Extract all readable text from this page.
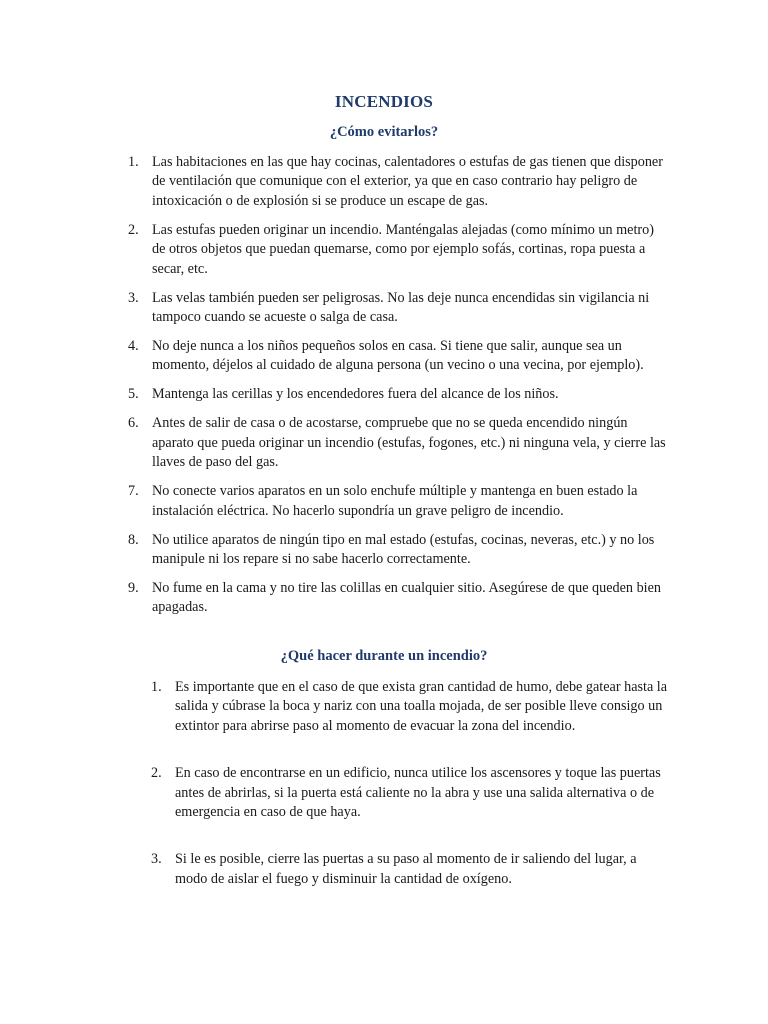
INCENDIOS
¿Cómo evitarlos?
1. Las habitaciones en las que hay cocinas, calentadores o estufas de gas tienen que disponer de ventilación que comunique con el exterior, ya que en caso contrario hay peligro de intoxicación o de explosión si se produce un escape de gas.
2. Las estufas pueden originar un incendio. Manténgalas alejadas (como mínimo un metro) de otros objetos que puedan quemarse, como por ejemplo sofás, cortinas, ropa puesta a secar, etc.
3. Las velas también pueden ser peligrosas. No las deje nunca encendidas sin vigilancia ni tampoco cuando se acueste o salga de casa.
4. No deje nunca a los niños pequeños solos en casa. Si tiene que salir, aunque sea un momento, déjelos al cuidado de alguna persona (un vecino o una vecina, por ejemplo).
5. Mantenga las cerillas y los encendedores fuera del alcance de los niños.
6. Antes de salir de casa o de acostarse, compruebe que no se queda encendido ningún aparato que pueda originar un incendio (estufas, fogones, etc.) ni ninguna vela, y cierre las llaves de paso del gas.
7. No conecte varios aparatos en un solo enchufe múltiple y mantenga en buen estado la instalación eléctrica. No hacerlo supondría un grave peligro de incendio.
8. No utilice aparatos de ningún tipo en mal estado (estufas, cocinas, neveras, etc.) y no los manipule ni los repare si no sabe hacerlo correctamente.
9. No fume en la cama y no tire las colillas en cualquier sitio. Asegúrese de que queden bien apagadas.
¿Qué hacer durante un incendio?
1. Es importante que en el caso de que exista gran cantidad de humo, debe gatear hasta la salida y cúbrase la boca y nariz con una toalla mojada, de ser posible lleve consigo un extintor para abrirse paso al momento de evacuar la zona del incendio.
2. En caso de encontrarse en un edificio, nunca utilice los ascensores y toque las puertas antes de abrirlas, si la puerta está caliente no la abra y use una salida alternativa o de emergencia en caso de que haya.
3. Si le es posible, cierre las puertas a su paso al momento de ir saliendo del lugar, a modo de aislar el fuego y disminuir la cantidad de oxígeno.
